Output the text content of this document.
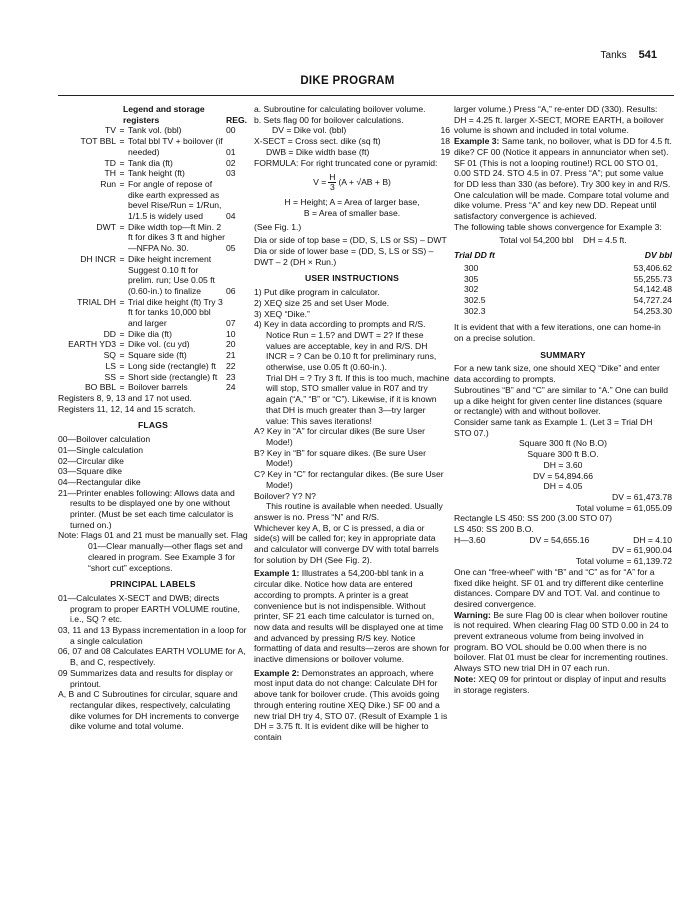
Tanks 541
DIKE PROGRAM
Legend and storage
registers	REG.
TV = Tank vol. (bbl)	00
TOT BBL = Total bbl TV + boilover (if needed)	01
TD = Tank dia (ft)	02
TH = Tank height (ft)	03
Run = For angle of repose of dike earth expressed as bevel Rise/Run = 1/Run, 1/1.5 is widely used	04
DWT = Dike width top—ft Min. 2 ft for dikes 3 ft and higher—NFPA No. 30.	05
DH INCR = Dike height increment Suggest 0.10 ft for prelim. run; Use 0.05 ft (0.60-in.) to finalize	06
TRIAL DH = Trial dike height (ft) Try 3 ft for tanks 10,000 bbl and larger	07
DD = Dike dia (ft)	10
EARTH YD3 = Dike vol. (cu yd)	20
SQ = Square side (ft)	21
LS = Long side (rectangle) ft	22
SS = Short side (rectangle) ft	23
BO BBL = Boilover barrels	24

Registers 8, 9, 13 and 17 not used.

Registers 11, 12, 14 and 15 scratch.

FLAGS

00—Boilover calculation

01—Single calculation

02—Circular dike

03—Square dike

04—Rectangular dike

21—Printer enables following: Allows data and results to be displayed one by one without printer. (Must be set each time calculator is turned on.)

Note: Flags 01 and 21 must be manually set. Flag 01—Clear manually—other flags set and cleared in program. See Example 3 for “short cut” exceptions.

PRINCIPAL LABELS

01—Calculates X-SECT and DWB; directs program to proper EARTH VOLUME routine, i.e., SQ ? etc.

03, 11 and 13 Bypass incrementation in a loop for a single calculation

06, 07 and 08 Calculates EARTH VOLUME for A, B, and C, respectively.

09 Summarizes data and results for display or printout.

A, B and C Subroutines for circular, square and rectangular dikes, respectively, calculating dike volumes for DH increments to converge dike volume and total volume.

a. Subroutine for calculating boilover volume.

b. Sets flag 00 for boilover calculations.

DV = Dike vol. (bbl)	16
X-SECT = Cross sect. dike (sq ft)	18
DWB = Dike width base (ft)	19

FORMULA: For right truncated cone or pyramid:

$V = \frac{H}{3} (A + √AB + B)$

H = Height; A = Area of larger base,

B = Area of smaller base.

(See Fig. 1.)

Dia or side of top base = (DD, S, LS or SS) – DWT

Dia or side of lower base = (DD, S, LS or SS) – DWT – 2 (DH × Run.)

USER INSTRUCTIONS

1) Put dike program in calculator.

2) XEQ size 25 and set User Mode.

3) XEQ “Dike.”

4) Key in data according to prompts and R/S. Notice Run = 1.5? and DWT = 2? If these values are acceptable, key in and R/S. DH INCR = ? Can be 0.10 ft for preliminary runs, otherwise, use 0.05 ft (0.60-in.).

Trial DH = ? Try 3 ft. If this is too much, machine will stop, STO smaller value in R07 and try again (“A,” “B” or “C”). Likewise, if it is known that DH is much greater than 3—try larger value: This saves iterations!

A? Key in “A” for circular dikes (Be sure User Mode!)

B? Key in “B” for square dikes. (Be sure User Mode!)

C? Key in “C” for rectangular dikes. (Be sure User Mode!)

Boilover? Y? N?

This routine is available when needed. Usually answer is no. Press “N” and R/S.

Whichever key A, B, or C is pressed, a dia or side(s) will be called for; key in appropriate data and calculator will converge DV with total barrels for solution by DH (See Fig. 2).

Example 1: Illustrates a 54,200-bbl tank in a circular dike. Notice how data are entered according to prompts. A printer is a great convenience but is not indispensible. Without printer, SF 21 each time calculator is turned on, now data and results will be displayed one at time and advanced by pressing R/S key. Notice formatting of data and results—zeros are shown for inactive dimensions or boilover volume.

Example 2: Demonstrates an approach, where most input data do not change: Calculate DH for above tank for boilover crude. (This avoids going through entering routine XEQ Dike.) SF 00 and a new trial DH try 4, STO 07. (Result of Example 1 is DH = 3.75 ft. It is evident dike will be higher to contain

larger volume.) Press “A,” re-enter DD (330). Results: DH = 4.25 ft. larger X-SECT, MORE EARTH, a boilover volume is shown and included in total volume.

Example 3: Same tank, no boilover, what is DD for 4.5 ft. dike? CF 00 (Notice it appears in annunciator when set). SF 01 (This is not a looping routine!) RCL 00 STO 01, 0.00 STD 24. STO 4.5 in 07. Press “A”; put some value for DD less than 330 (as before). Try 300 key in and R/S. One calculation will be made. Compare total volume and dike volume. Press “A” and key new DD. Repeat until satisfactory convergence is achieved.

The following table shows convergence for Example 3:

Total vol 54,200 bbl DH = 4.5 ft.

Trial DD ft	DV bbl
300	53,406.62
305	55,255.73
302	54,142.48
302.5	54,727.24
302.3	54,253.30

It is evident that with a few iterations, one can home-in on a precise solution.

SUMMARY

For a new tank size, one should XEQ “Dike” and enter data according to prompts.

Subroutines “B” and “C” are similar to “A.” One can build up a dike height for given center line distances (square or rectangle) with and without boilover.

Consider same tank as Example 1. (Let 3 = Trial DH STO 07.)

Square 300 ft (No B.O)

Square 300 ft B.O.

DH = 3.60

DV = 54,894.66

DH = 4.05

DV = 61,473.78

Total volume = 61,055.09

Rectangle LS 450: SS 200 (3.00 STO 07)

LS 450: SS 200 B.O.

H—3.60	DV = 54,655.16	DH = 4.10

DV = 61,900.04

Total volume = 61,139.72

One can “free-wheel” with “B” and “C” as for “A” for a fixed dike height. SF 01 and try different dike centerline distances. Compare DV and TOT. Val. and continue to desired convergence.

Warning: Be sure Flag 00 is clear when boilover routine is not required. When clearing Flag 00 STD 0.00 in 24 to prevent extraneous volume from being involved in program. BO VOL should be 0.00 when there is no boilover. Flat 01 must be clear for incrementing routines. Always STO new trial DH in 07 each run.

Note: XEQ 09 for printout or display of input and results in storage registers.
